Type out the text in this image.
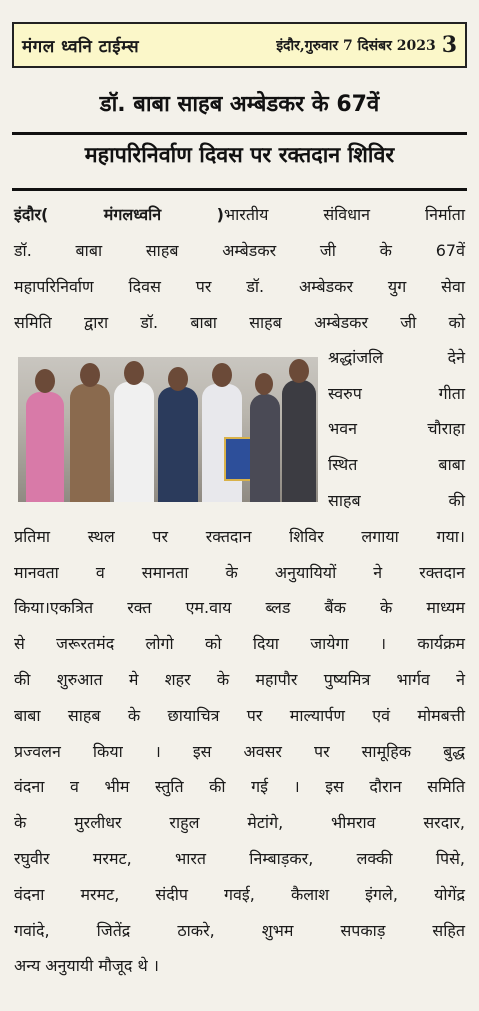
मंगल ध्वनि टाईम्स	इंदौर,गुरुवार 7 दिसंबर 2023 3
डॉ. बाबा साहब अम्बेडकर के 67वें
महापरिनिर्वाण दिवस पर रक्तदान शिविर
इंदौर( मंगलध्वनि )भारतीय संविधान निर्माता
डॉ. बाबा साहब अम्बेडकर जी के 67वें
महापरिनिर्वाण दिवस पर डॉ. अम्बेडकर युग सेवा
समिति द्वारा डॉ. बाबा साहब अम्बेडकर जी को
श्रद्धांजलि देने
स्वरुप गीता
भवन चौराहा
स्थित बाबा
साहब की
प्रतिमा स्थल पर रक्तदान शिविर लगाया गया।
मानवता व समानता के अनुयायियों ने रक्तदान
किया।एकत्रित रक्त एम.वाय ब्लड बैंक के माध्यम
से जरूरतमंद लोगो को दिया जायेगा । कार्यक्रम
की शुरुआत मे शहर के महापौर पुष्यमित्र भार्गव ने
बाबा साहब के छायाचित्र पर माल्यार्पण एवं मोमबत्ती
प्रज्वलन किया । इस अवसर पर सामूहिक बुद्ध
वंदना व भीम स्तुति की गई । इस दौरान समिति
के मुरलीधर राहुल मेटांगे, भीमराव सरदार,
रघुवीर मरमट, भारत निम्बाड़कर, लक्की पिसे,
वंदना मरमट, संदीप गवई, कैलाश इंगले, योगेंद्र
गवांदे, जितेंद्र ठाकरे, शुभम सपकाड़ सहित
अन्य अनुयायी मौजूद थे ।
